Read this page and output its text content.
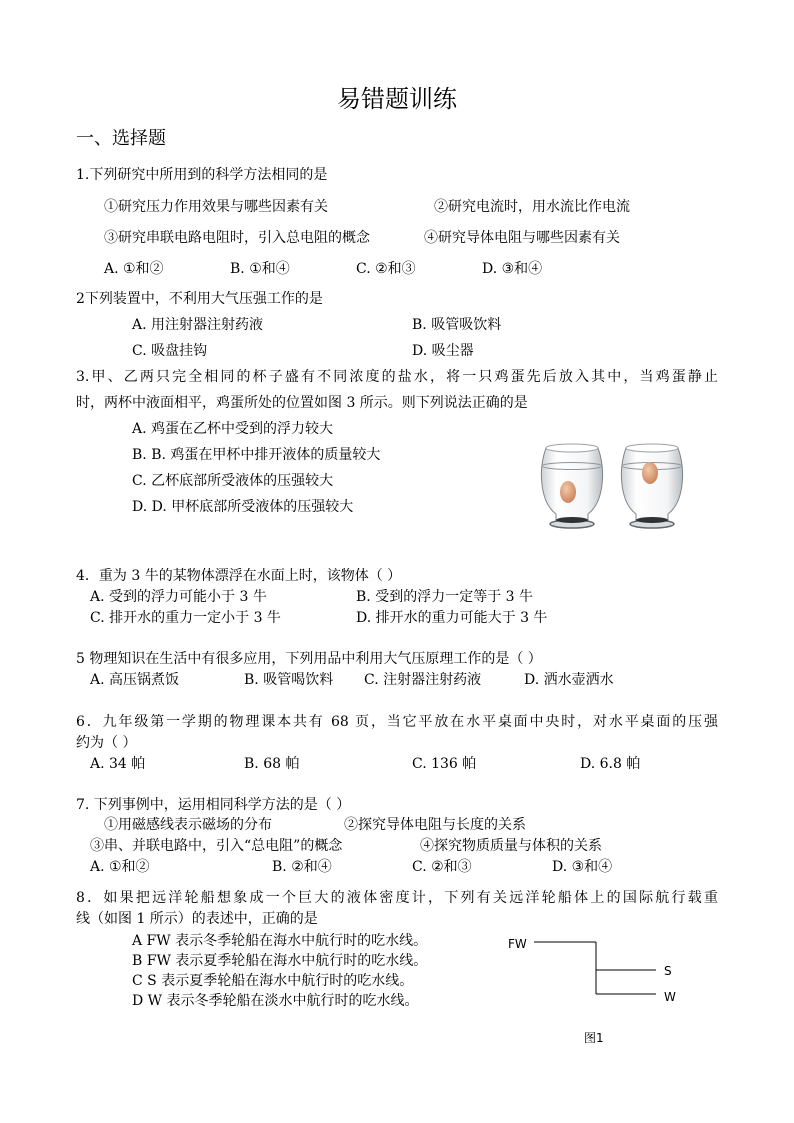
易错题训练
一、选择题
1.下列研究中所用到的科学方法相同的是
①研究压力作用效果与哪些因素有关	②研究电流时，用水流比作电流
③研究串联电路电阻时，引入总电阻的概念	④研究导体电阻与哪些因素有关
A. ①和②	B. ①和④	C. ②和③	D. ③和④
2下列装置中，不利用大气压强工作的是
A. 用注射器注射药液	B. 吸管吸饮料
C. 吸盘挂钩	D. 吸尘器
3.甲、乙两只完全相同的杯子盛有不同浓度的盐水，将一只鸡蛋先后放入其中，当鸡蛋静止
时，两杯中液面相平，鸡蛋所处的位置如图 3 所示。则下列说法正确的是
A. 鸡蛋在乙杯中受到的浮力较大
B. B. 鸡蛋在甲杯中排开液体的质量较大
C. 乙杯底部所受液体的压强较大
D. D. 甲杯底部所受液体的压强较大
4．重为 3 牛的某物体漂浮在水面上时，该物体（ ）
A. 受到的浮力可能小于 3 牛	B. 受到的浮力一定等于 3 牛
C. 排开水的重力一定小于 3 牛	D. 排开水的重力可能大于 3 牛
5 物理知识在生活中有很多应用，下列用品中利用大气压原理工作的是（ ）
A. 高压锅煮饭	B. 吸管喝饮料 C. 注射器注射药液	D. 洒水壶洒水
6．九年级第一学期的物理课本共有 68 页，当它平放在水平桌面中央时，对水平桌面的压强
约为（ ）
A. 34 帕	B. 68 帕	C. 136 帕	D. 6.8 帕
7. 下列事例中，运用相同科学方法的是（ ）
①用磁感线表示磁场的分布	②探究导体电阻与长度的关系
③串、并联电路中，引入“总电阻”的概念	④探究物质质量与体积的关系
A. ①和②	B. ②和④	C. ②和③	D. ③和④
8．如果把远洋轮船想象成一个巨大的液体密度计，下列有关远洋轮船体上的国际航行载重
线（如图 1 所示）的表述中，正确的是
A FW 表示冬季轮船在海水中航行时的吃水线。
B FW 表示夏季轮船在海水中航行时的吃水线。
C S 表示夏季轮船在海水中航行时的吃水线。
D W 表示冬季轮船在淡水中航行时的吃水线。
FW
S
W
图1
